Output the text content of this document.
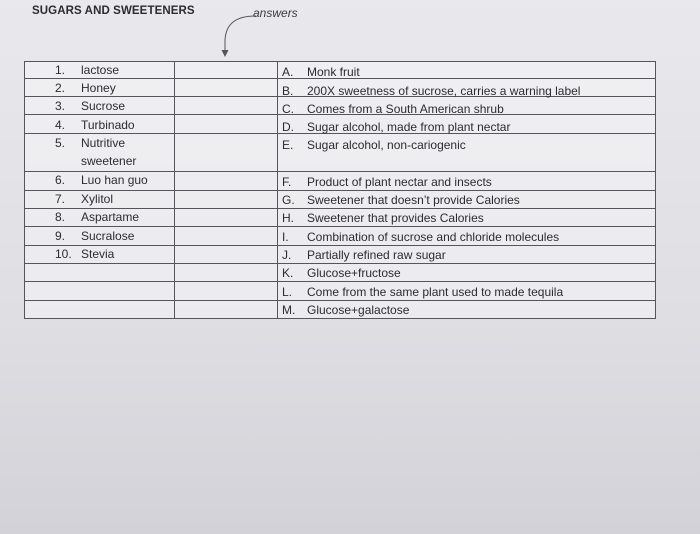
SUGARS AND SWEETENERS	answers
1. lactose
2. Honey
3. Sucrose
4. Turbinado
5. Nutritive
sweetener
6. Luo han guo
7. Xylitol
8. Aspartame
9. Sucralose
10. Stevia
A. Monk fruit
B. 200X sweetness of sucrose, carries a warning label
C. Comes from a South American shrub
D. Sugar alcohol, made from plant nectar
E. Sugar alcohol, non-cariogenic
F. Product of plant nectar and insects
G. Sweetener that doesn’t provide Calories
H. Sweetener that provides Calories
I. Combination of sucrose and chloride molecules
J. Partially refined raw sugar
K. Glucose+fructose
L. Come from the same plant used to made tequila
M. Glucose+galactose
